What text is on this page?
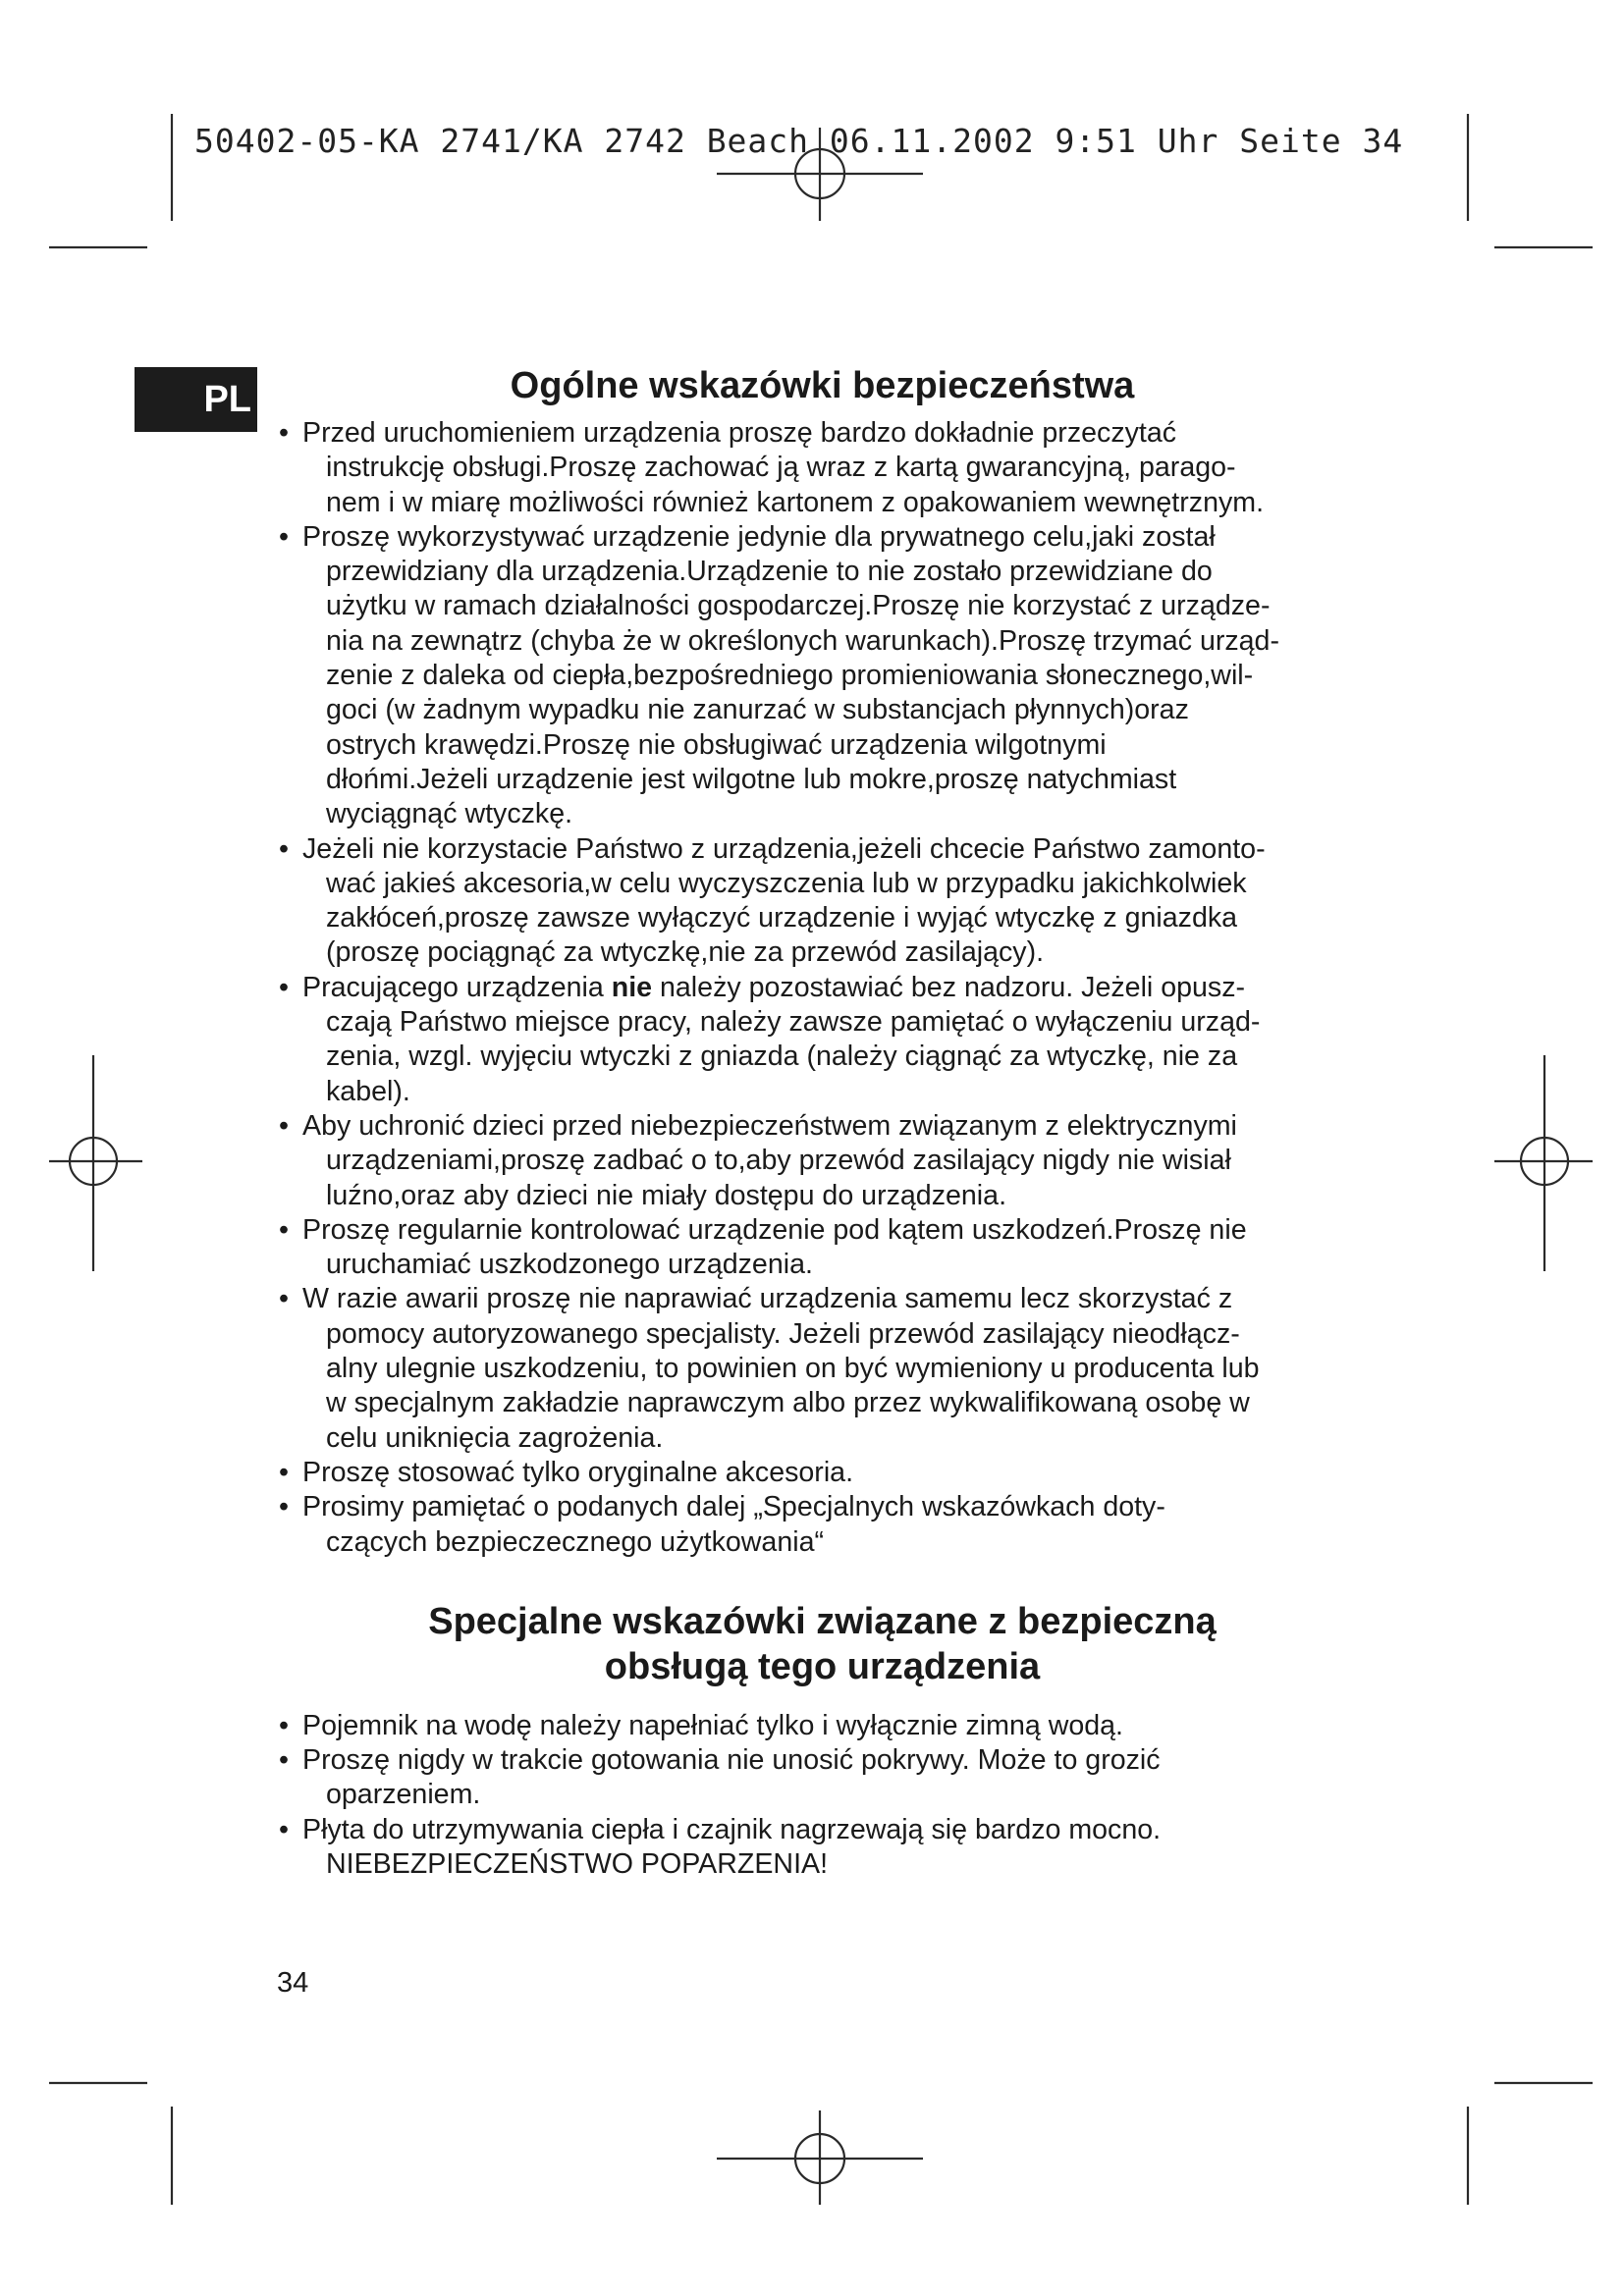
50402-05-KA 2741/KA 2742 Beach 06.11.2002 9:51 Uhr Seite 34
PL	Ogólne wskazówki bezpieczeństwa
• Przed uruchomieniem urządzenia proszę bardzo dokładnie przeczytać
instrukcję obsługi.Proszę zachować ją wraz z kartą gwarancyjną, parago-
nem i w miarę możliwości również kartonem z opakowaniem wewnętrznym.
• Proszę wykorzystywać urządzenie jedynie dla prywatnego celu,jaki został
przewidziany dla urządzenia.Urządzenie to nie zostało przewidziane do
użytku w ramach działalności gospodarczej.Proszę nie korzystać z urządze-
nia na zewnątrz (chyba że w określonych warunkach).Proszę trzymać urząd-
zenie z daleka od ciepła,bezpośredniego promieniowania słonecznego,wil-
goci (w żadnym wypadku nie zanurzać w substancjach płynnych)oraz
ostrych krawędzi.Proszę nie obsługiwać urządzenia wilgotnymi
dłońmi.Jeżeli urządzenie jest wilgotne lub mokre,proszę natychmiast
wyciągnąć wtyczkę.
• Jeżeli nie korzystacie Państwo z urządzenia,jeżeli chcecie Państwo zamonto-
wać jakieś akcesoria,w celu wyczyszczenia lub w przypadku jakichkolwiek
zakłóceń,proszę zawsze wyłączyć urządzenie i wyjąć wtyczkę z gniazdka
(proszę pociągnąć za wtyczkę,nie za przewód zasilający).
• Pracującego urządzenia nie należy pozostawiać bez nadzoru. Jeżeli opusz-
czają Państwo miejsce pracy, należy zawsze pamiętać o wyłączeniu urząd-
zenia, wzgl. wyjęciu wtyczki z gniazda (należy ciągnąć za wtyczkę, nie za
kabel).
• Aby uchronić dzieci przed niebezpieczeństwem związanym z elektrycznymi
urządzeniami,proszę zadbać o to,aby przewód zasilający nigdy nie wisiał
luźno,oraz aby dzieci nie miały dostępu do urządzenia.
• Proszę regularnie kontrolować urządzenie pod kątem uszkodzeń.Proszę nie
uruchamiać uszkodzonego urządzenia.
• W razie awarii proszę nie naprawiać urządzenia samemu lecz skorzystać z
pomocy autoryzowanego specjalisty. Jeżeli przewód zasilający nieodłącz-
alny ulegnie uszkodzeniu, to powinien on być wymieniony u producenta lub
w specjalnym zakładzie naprawczym albo przez wykwalifikowaną osobę w
celu uniknięcia zagrożenia.
• Proszę stosować tylko oryginalne akcesoria.
• Prosimy pamiętać o podanych dalej „Specjalnych wskazówkach doty-
czących bezpieczecznego użytkowania“
Specjalne wskazówki związane z bezpieczną
obsługą tego urządzenia
• Pojemnik na wodę należy napełniać tylko i wyłącznie zimną wodą.
• Proszę nigdy w trakcie gotowania nie unosić pokrywy. Może to grozić
oparzeniem.
• Płyta do utrzymywania ciepła i czajnik nagrzewają się bardzo mocno.
NIEBEZPIECZEŃSTWO POPARZENIA!
34
